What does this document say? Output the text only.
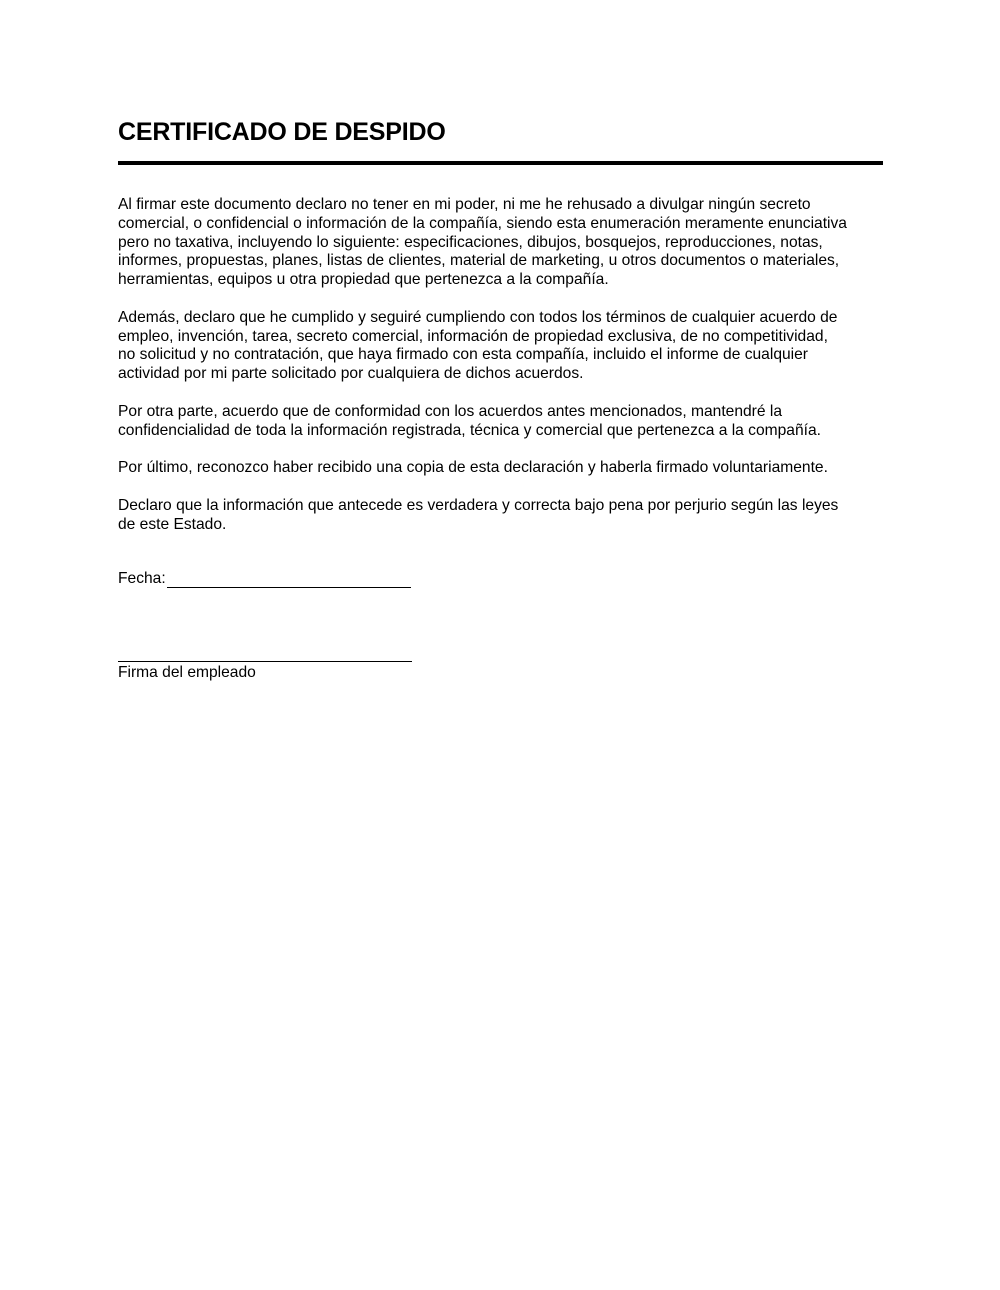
CERTIFICADO DE DESPIDO

Al firmar este documento declaro no tener en mi poder, ni me he rehusado a divulgar ningún secreto
comercial, o confidencial o información de la compañía, siendo esta enumeración meramente enunciativa
pero no taxativa, incluyendo lo siguiente: especificaciones, dibujos, bosquejos, reproducciones, notas,
informes, propuestas, planes, listas de clientes, material de marketing, u otros documentos o materiales,
herramientas, equipos u otra propiedad que pertenezca a la compañía.

Además, declaro que he cumplido y seguiré cumpliendo con todos los términos de cualquier acuerdo de
empleo, invención, tarea, secreto comercial, información de propiedad exclusiva, de no competitividad,
no solicitud y no contratación, que haya firmado con esta compañía, incluido el informe de cualquier
actividad por mi parte solicitado por cualquiera de dichos acuerdos.

Por otra parte, acuerdo que de conformidad con los acuerdos antes mencionados, mantendré la
confidencialidad de toda la información registrada, técnica y comercial que pertenezca a la compañía.

Por último, reconozco haber recibido una copia de esta declaración y haberla firmado voluntariamente.

Declaro que la información que antecede es verdadera y correcta bajo pena por perjurio según las leyes
de este Estado.

Fecha:
Firma del empleado
